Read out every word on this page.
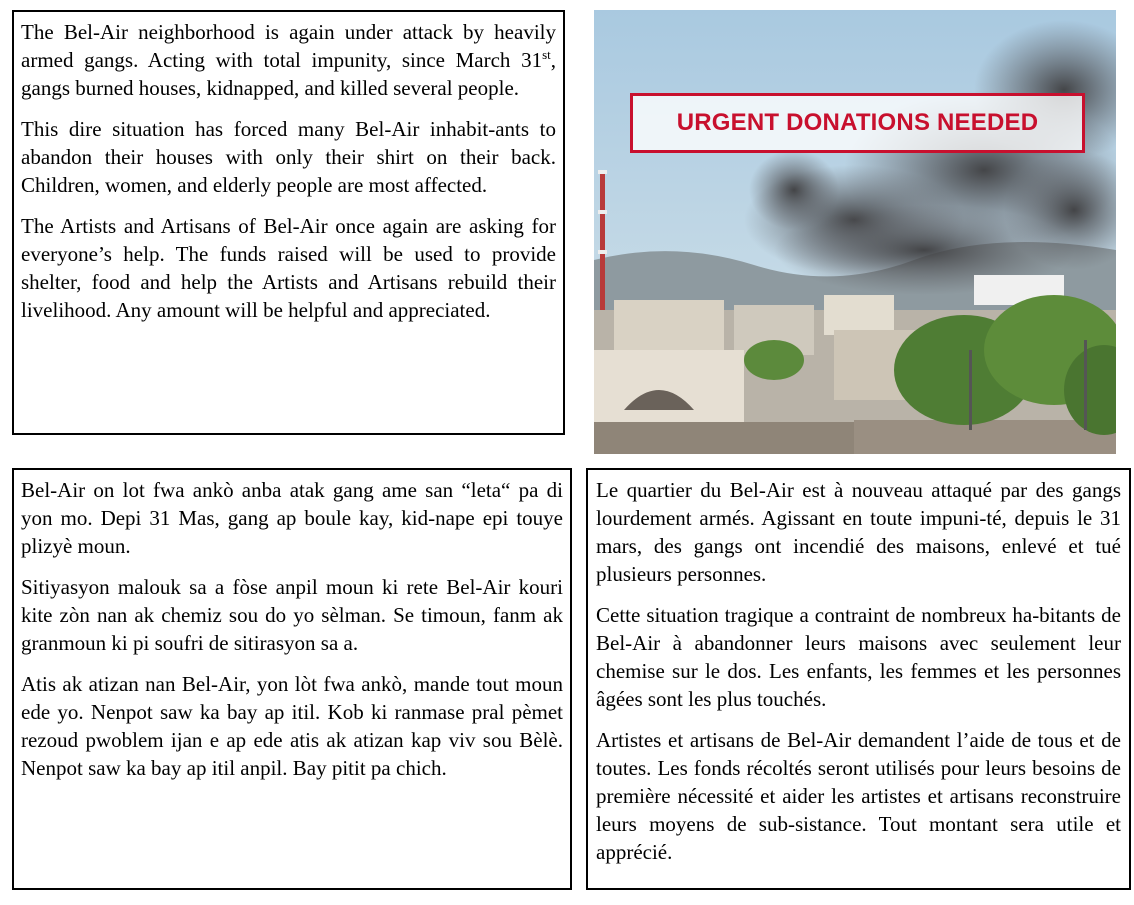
The Bel-Air neighborhood is again under attack by heavily armed gangs. Acting with total impunity, since March 31st, gangs burned houses, kidnapped, and killed several people.

This dire situation has forced many Bel-Air inhabit-ants to abandon their houses with only their shirt on their back. Children, women, and elderly people are most affected.

The Artists and Artisans of Bel-Air once again are asking for everyone’s help. The funds raised will be used to provide shelter, food and help the Artists and Artisans rebuild their livelihood. Any amount will be helpful and appreciated.

URGENT DONATIONS NEEDED

Bel-Air on lot fwa ankò anba atak gang ame san “leta“ pa di yon mo. Depi 31 Mas, gang ap boule kay, kid-nape epi touye plizyè moun.

Sitiyasyon malouk sa a fòse anpil moun ki rete Bel-Air kouri kite zòn nan ak chemiz sou do yo sèlman. Se timoun, fanm ak granmoun ki pi soufri de sitirasyon sa a.

Atis ak atizan nan Bel-Air, yon lòt fwa ankò, mande tout moun ede yo. Nenpot saw ka bay ap itil. Kob ki ranmase pral pèmet rezoud pwoblem ijan e ap ede atis ak atizan kap viv sou Bèlè. Nenpot saw ka bay ap itil anpil. Bay pitit pa chich.

Le quartier du Bel-Air est à nouveau attaqué par des gangs lourdement armés. Agissant en toute impuni-té, depuis le 31 mars, des gangs ont incendié des maisons, enlevé et tué plusieurs personnes.

Cette situation tragique a contraint de nombreux ha-bitants de Bel-Air à abandonner leurs maisons avec seulement leur chemise sur le dos. Les enfants, les femmes et les personnes âgées sont les plus touchés.

Artistes et artisans de Bel-Air demandent l’aide de tous et de toutes. Les fonds récoltés seront utilisés pour leurs besoins de première nécessité et aider les artistes et artisans reconstruire leurs moyens de sub-sistance. Tout montant sera utile et apprécié.
